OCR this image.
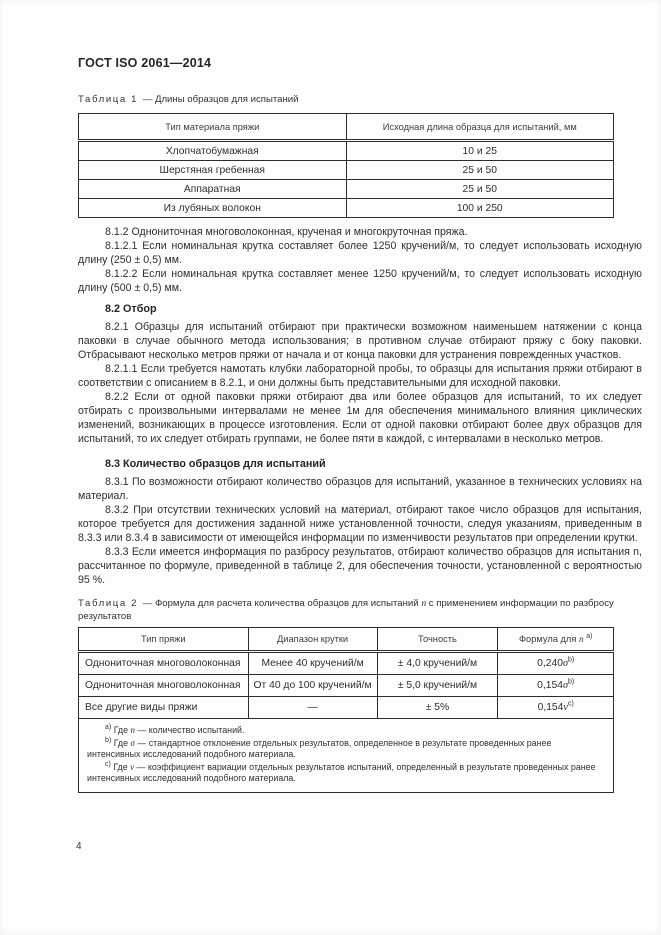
ГОСТ ISO 2061—2014
Таблица 1 — Длины образцов для испытаний
Тип материала пряжи	Исходная длина образца для испытаний, мм
Хлопчатобумажная	10 и 25
Шерстяная гребенная	25 и 50
Аппаратная	25 и 50
Из лубяных волокон	100 и 250

8.1.2 Однониточная многоволоконная, крученая и многокруточная пряжа.

8.1.2.1 Если номинальная крутка составляет более 1250 кручений/м, то следует использовать исходную длину (250 ± 0,5) мм.

8.1.2.2 Если номинальная крутка составляет менее 1250 кручений/м, то следует использовать исходную длину (500 ± 0,5) мм.

8.2 Отбор

8.2.1 Образцы для испытаний отбирают при практически возможном наименьшем натяжении с конца паковки в случае обычного метода использования; в противном случае отбирают пряжу с боку паковки. Отбрасывают несколько метров пряжи от начала и от конца паковки для устранения поврежденных участков.

8.2.1.1 Если требуется намотать клубки лабораторной пробы, то образцы для испытания пряжи отбирают в соответствии с описанием в 8.2.1, и они должны быть представительными для исходной паковки.

8.2.2 Если от одной паковки пряжи отбирают два или более образцов для испытаний, то их следует отбирать с произвольными интервалами не менее 1м для обеспечения минимального влияния циклических изменений, возникающих в процессе изготовления. Если от одной паковки отбирают более двух образцов для испытаний, то их следует отбирать группами, не более пяти в каждой, с интервалами в несколько метров.

8.3 Количество образцов для испытаний

8.3.1 По возможности отбирают количество образцов для испытаний, указанное в технических условиях на материал.

8.3.2 При отсутствии технических условий на материал, отбирают такое число образцов для испытания, которое требуется для достижения заданной ниже установленной точности, следуя указаниям, приведенным в 8.3.3 или 8.3.4 в зависимости от имеющейся информации по изменчивости результатов при определении крутки.

8.3.3 Если имеется информация по разбросу результатов, отбирают количество образцов для испытания n, рассчитанное по формуле, приведенной в таблице 2, для обеспечения точности, установленной с вероятностью 95 %.

Таблица 2 — Формула для расчета количества образцов для испытаний n с применением информации по разбросу результатов
Тип пряжи	Диапазон крутки	Точность	Формула для n $^{a)}$
Однониточная многоволоконная	Менее 40 кручений/м	± 4,0 кручений/м	$0,240\sigma^{b)}$
Однониточная многоволоконная	От 40 до 100 кручений/м	± 5,0 кручений/м	$0,154\sigma^{b)}$
Все другие виды пряжи	—	± 5%	$0,154v^{c)}$

$^{a)}$ Где n — количество испытаний.

$^{b)}$ Где σ — стандартное отклонение отдельных результатов, определенное в результате проведенных ранее интенсивных исследований подобного материала.

$^{c)}$ Где v — коэффициент вариации отдельных результатов испытаний, определенный в результате проведенных ранее интенсивных исследований подобного материала.			

4
